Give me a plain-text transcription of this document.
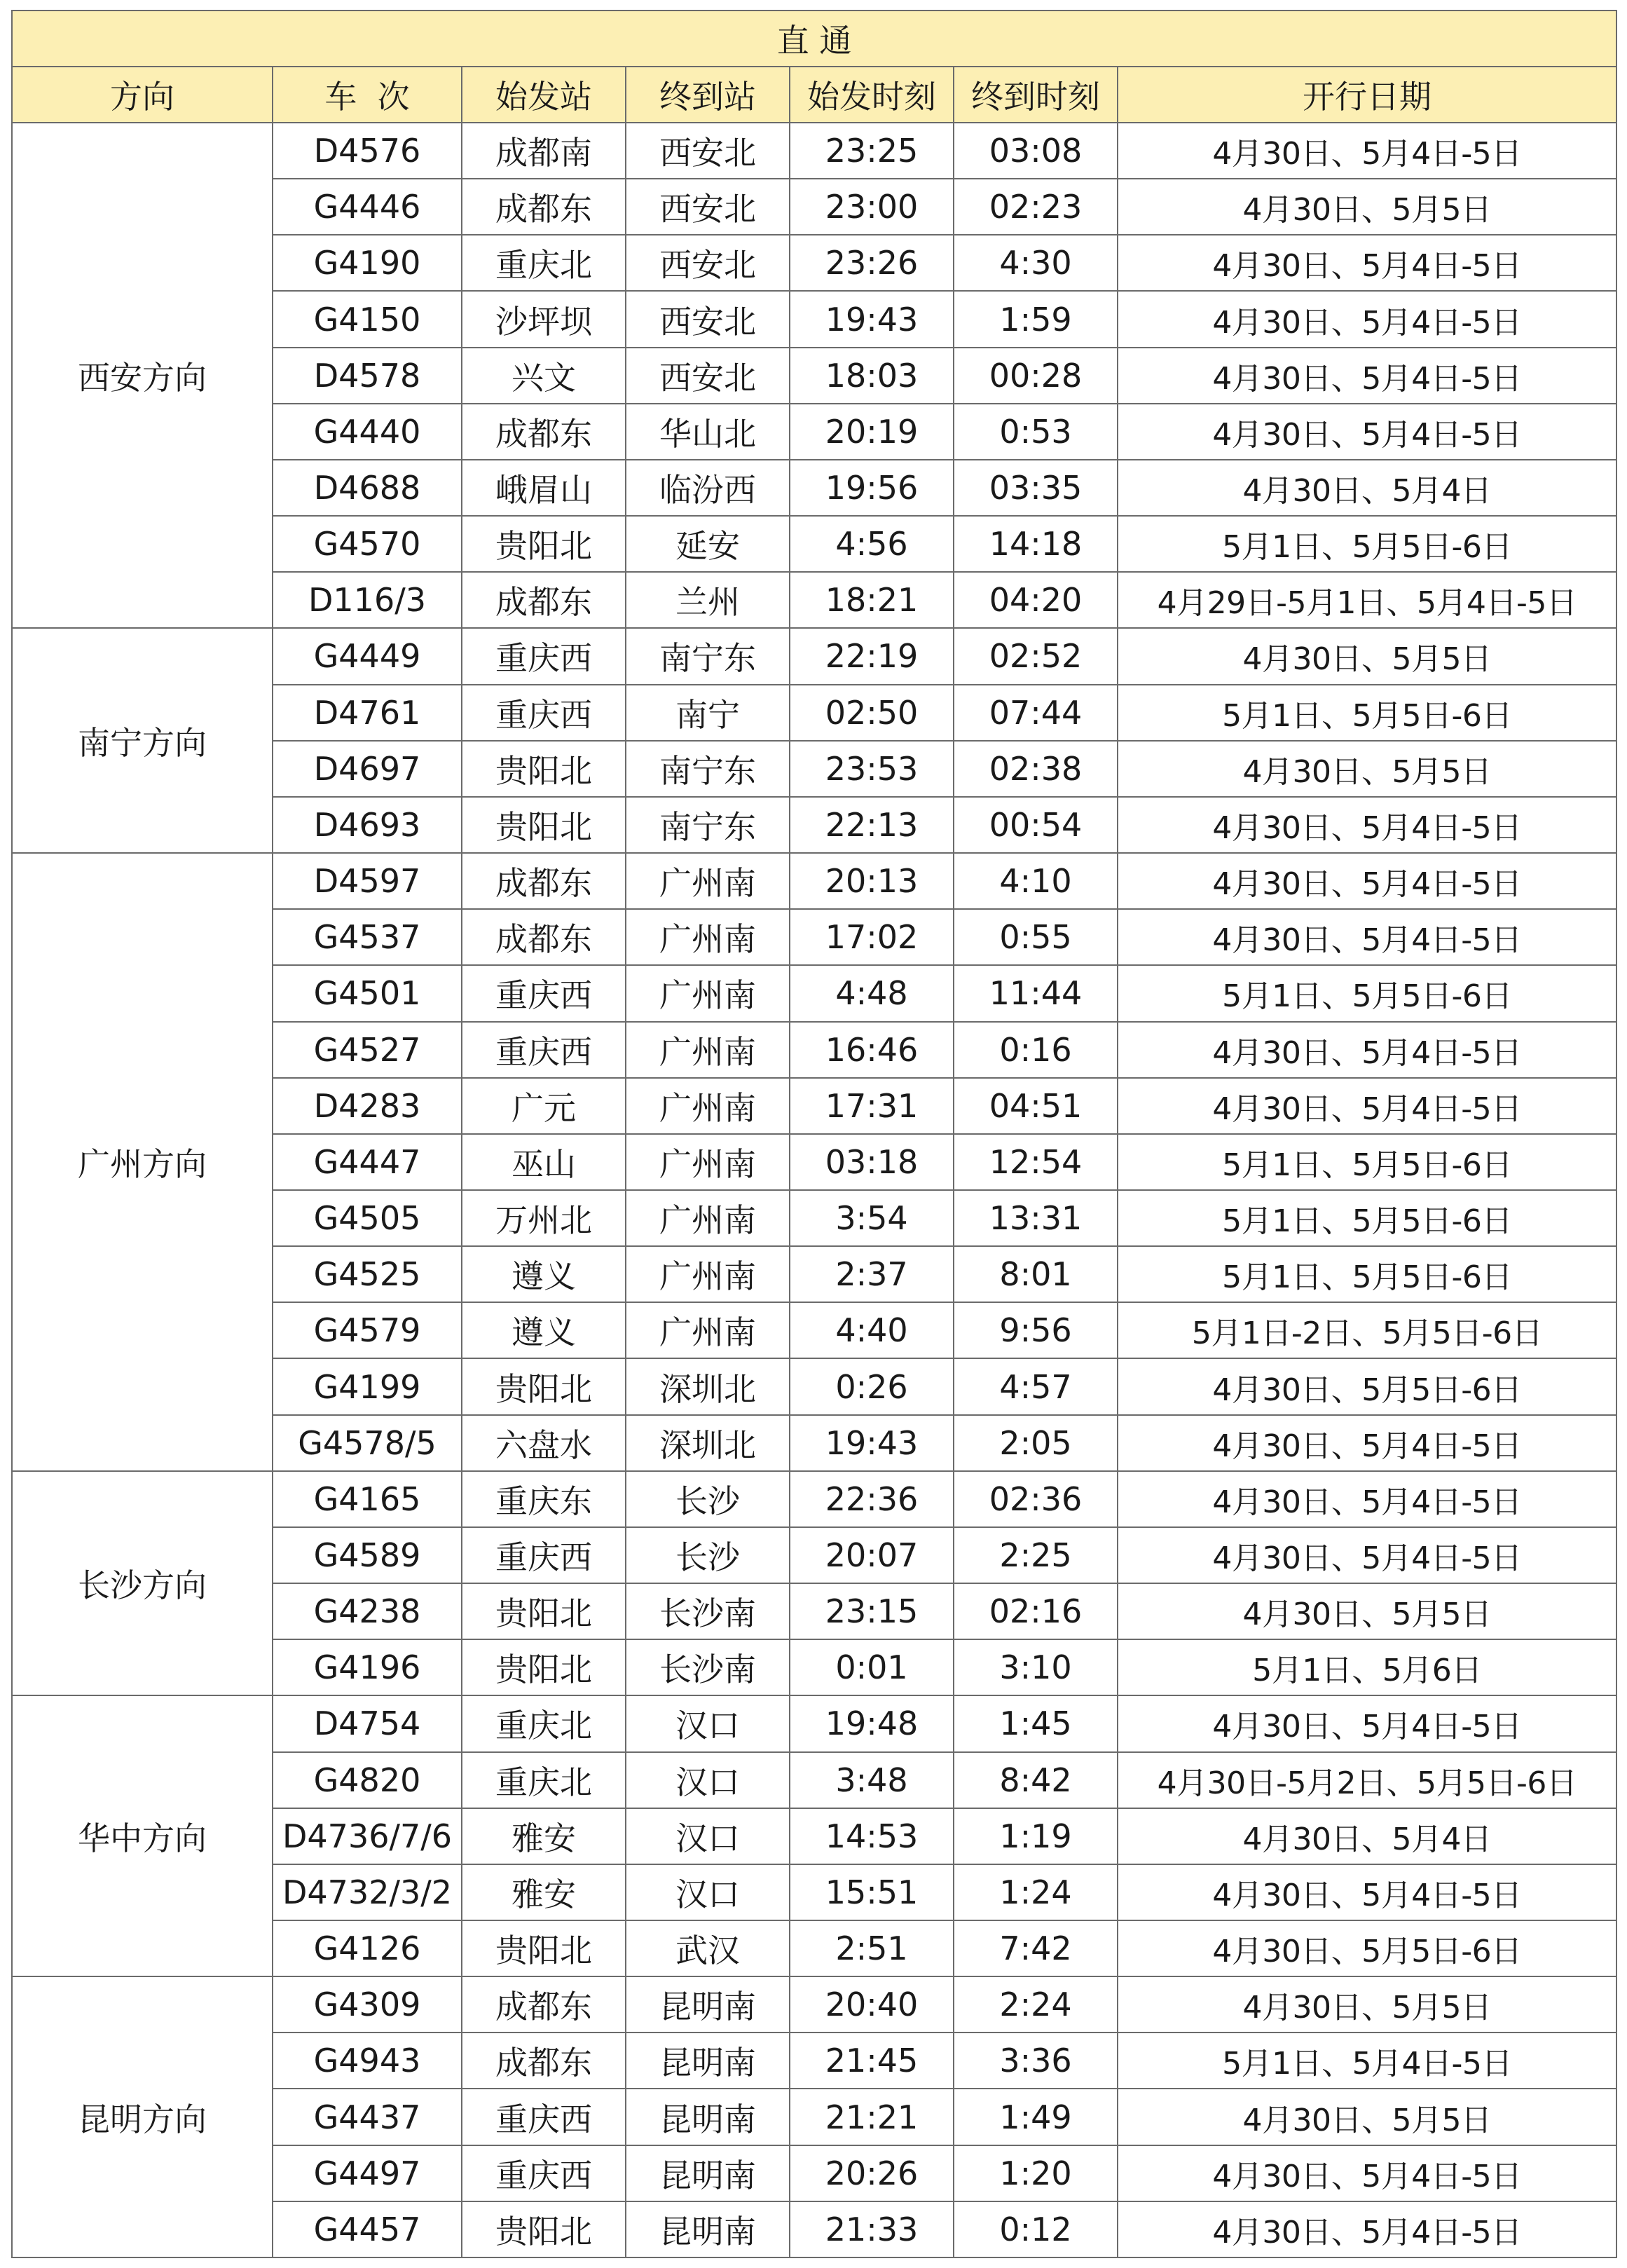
直 通						
方向	车  次	始发站	终到站	始发时刻	终到时刻	开行日期
西安方向	D4576	成都南	西安北	23:25	03:08	4月30日、5月4日-5日
	G4446	成都东	西安北	23:00	02:23	4月30日、5月5日
	G4190	重庆北	西安北	23:26	4:30	4月30日、5月4日-5日
	G4150	沙坪坝	西安北	19:43	1:59	4月30日、5月4日-5日
	D4578	兴文	西安北	18:03	00:28	4月30日、5月4日-5日
	G4440	成都东	华山北	20:19	0:53	4月30日、5月4日-5日
	D4688	峨眉山	临汾西	19:56	03:35	4月30日、5月4日
	G4570	贵阳北	延安	4:56	14:18	5月1日、5月5日-6日
	D116/3	成都东	兰州	18:21	04:20	4月29日-5月1日、5月4日-5日
南宁方向	G4449	重庆西	南宁东	22:19	02:52	4月30日、5月5日
	D4761	重庆西	南宁	02:50	07:44	5月1日、5月5日-6日
	D4697	贵阳北	南宁东	23:53	02:38	4月30日、5月5日
	D4693	贵阳北	南宁东	22:13	00:54	4月30日、5月4日-5日
广州方向	D4597	成都东	广州南	20:13	4:10	4月30日、5月4日-5日
	G4537	成都东	广州南	17:02	0:55	4月30日、5月4日-5日
	G4501	重庆西	广州南	4:48	11:44	5月1日、5月5日-6日
	G4527	重庆西	广州南	16:46	0:16	4月30日、5月4日-5日
	D4283	广元	广州南	17:31	04:51	4月30日、5月4日-5日
	G4447	巫山	广州南	03:18	12:54	5月1日、5月5日-6日
	G4505	万州北	广州南	3:54	13:31	5月1日、5月5日-6日
	G4525	遵义	广州南	2:37	8:01	5月1日、5月5日-6日
	G4579	遵义	广州南	4:40	9:56	5月1日-2日、5月5日-6日
	G4199	贵阳北	深圳北	0:26	4:57	4月30日、5月5日-6日
	G4578/5	六盘水	深圳北	19:43	2:05	4月30日、5月4日-5日
长沙方向	G4165	重庆东	长沙	22:36	02:36	4月30日、5月4日-5日
	G4589	重庆西	长沙	20:07	2:25	4月30日、5月4日-5日
	G4238	贵阳北	长沙南	23:15	02:16	4月30日、5月5日
	G4196	贵阳北	长沙南	0:01	3:10	5月1日、5月6日
华中方向	D4754	重庆北	汉口	19:48	1:45	4月30日、5月4日-5日
	G4820	重庆北	汉口	3:48	8:42	4月30日-5月2日、5月5日-6日
	D4736/7/6	雅安	汉口	14:53	1:19	4月30日、5月4日
	D4732/3/2	雅安	汉口	15:51	1:24	4月30日、5月4日-5日
	G4126	贵阳北	武汉	2:51	7:42	4月30日、5月5日-6日
昆明方向	G4309	成都东	昆明南	20:40	2:24	4月30日、5月5日
	G4943	成都东	昆明南	21:45	3:36	5月1日、5月4日-5日
	G4437	重庆西	昆明南	21:21	1:49	4月30日、5月5日
	G4497	重庆西	昆明南	20:26	1:20	4月30日、5月4日-5日
	G4457	贵阳北	昆明南	21:33	0:12	4月30日、5月4日-5日
